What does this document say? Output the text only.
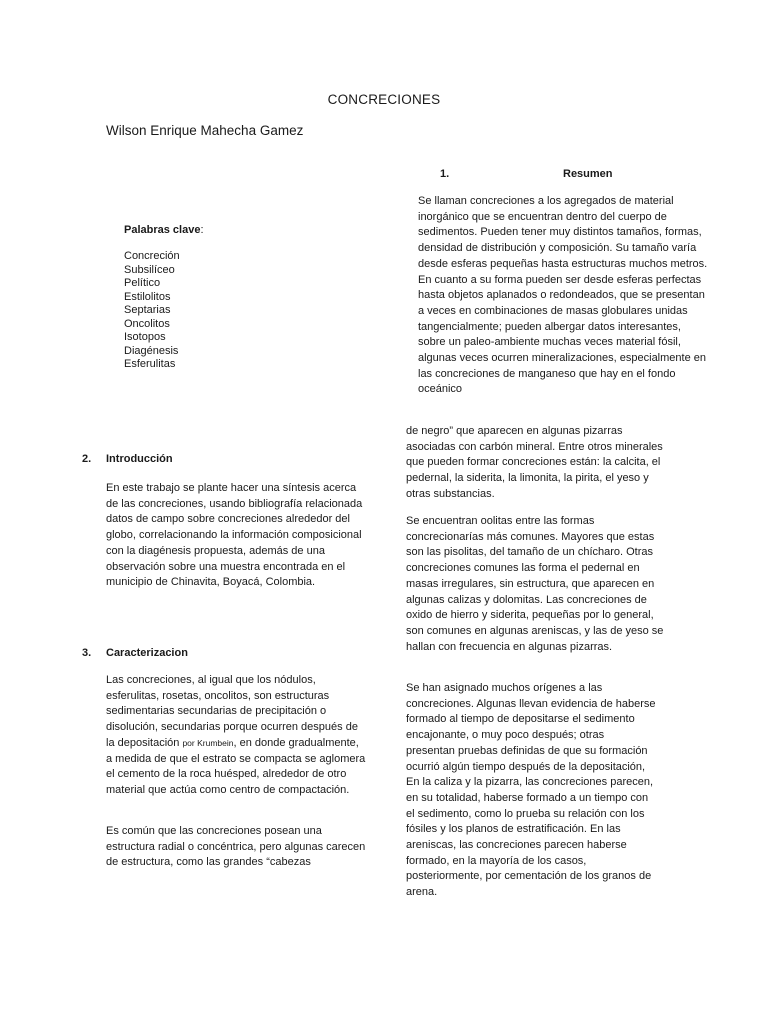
CONCRECIONES
Wilson Enrique Mahecha Gamez
1.	Resumen

Se llaman concreciones a los agregados de material inorgánico que se encuentran dentro del cuerpo de sedimentos. Pueden tener muy distintos tamaños, formas, densidad de distribución y composición. Su tamaño varía desde esferas pequeñas hasta estructuras muchos metros. En cuanto a su forma pueden ser desde esferas perfectas hasta objetos aplanados o redondeados, que se presentan a veces en combinaciones de masas globulares unidas tangencialmente; pueden albergar datos interesantes, sobre un paleo-ambiente muchas veces material fósil, algunas veces ocurren mineralizaciones, especialmente en las concreciones de manganeso que hay en el fondo oceánico

Palabras clave:
Concreción
Subsilíceo
Pelítico
Estilolitos
Septarias
Oncolitos
Isotopos
Diagénesis
Esferulitas
2. Introducción

En este trabajo se plante hacer una síntesis acerca de las concreciones, usando bibliografía relacionada datos de campo sobre concreciones alrededor del globo, correlacionando la información composicional con la diagénesis propuesta, además de una observación sobre una muestra encontrada en el municipio de Chinavita, Boyacá, Colombia.

3. Caracterizacion

Las concreciones, al igual que los nódulos, esferulitas, rosetas, oncolitos, son estructuras sedimentarias secundarias de precipitación o disolución, secundarias porque ocurren después de la depositación por Krumbein, en donde gradualmente, a medida de que el estrato se compacta se aglomera el cemento de la roca huésped, alrededor de otro material que actúa como centro de compactación.

Es común que las concreciones posean una estructura radial o concéntrica, pero algunas carecen de estructura, como las grandes “cabezas

de negro” que aparecen en algunas pizarras asociadas con carbón mineral. Entre otros minerales que pueden formar concreciones están: la calcita, el pedernal, la siderita, la limonita, la pirita, el yeso y otras substancias.

Se encuentran oolitas entre las formas concrecionarías más comunes. Mayores que estas son las pisolitas, del tamaño de un chícharo. Otras concreciones comunes las forma el pedernal en masas irregulares, sin estructura, que aparecen en algunas calizas y dolomitas. Las concreciones de oxido de hierro y siderita, pequeñas por lo general, son comunes en algunas areniscas, y las de yeso se hallan con frecuencia en algunas pizarras.

Se han asignado muchos orígenes a las concreciones. Algunas llevan evidencia de haberse formado al tiempo de depositarse el sedimento encajonante, o muy poco después; otras presentan pruebas definidas de que su formación ocurrió algún tiempo después de la depositación, En la caliza y la pizarra, las concreciones parecen, en su totalidad, haberse formado a un tiempo con el sedimento, como lo prueba su relación con los fósiles y los planos de estratificación. En las areniscas, las concreciones parecen haberse formado, en la mayoría de los casos, posteriormente, por cementación de los granos de arena.
